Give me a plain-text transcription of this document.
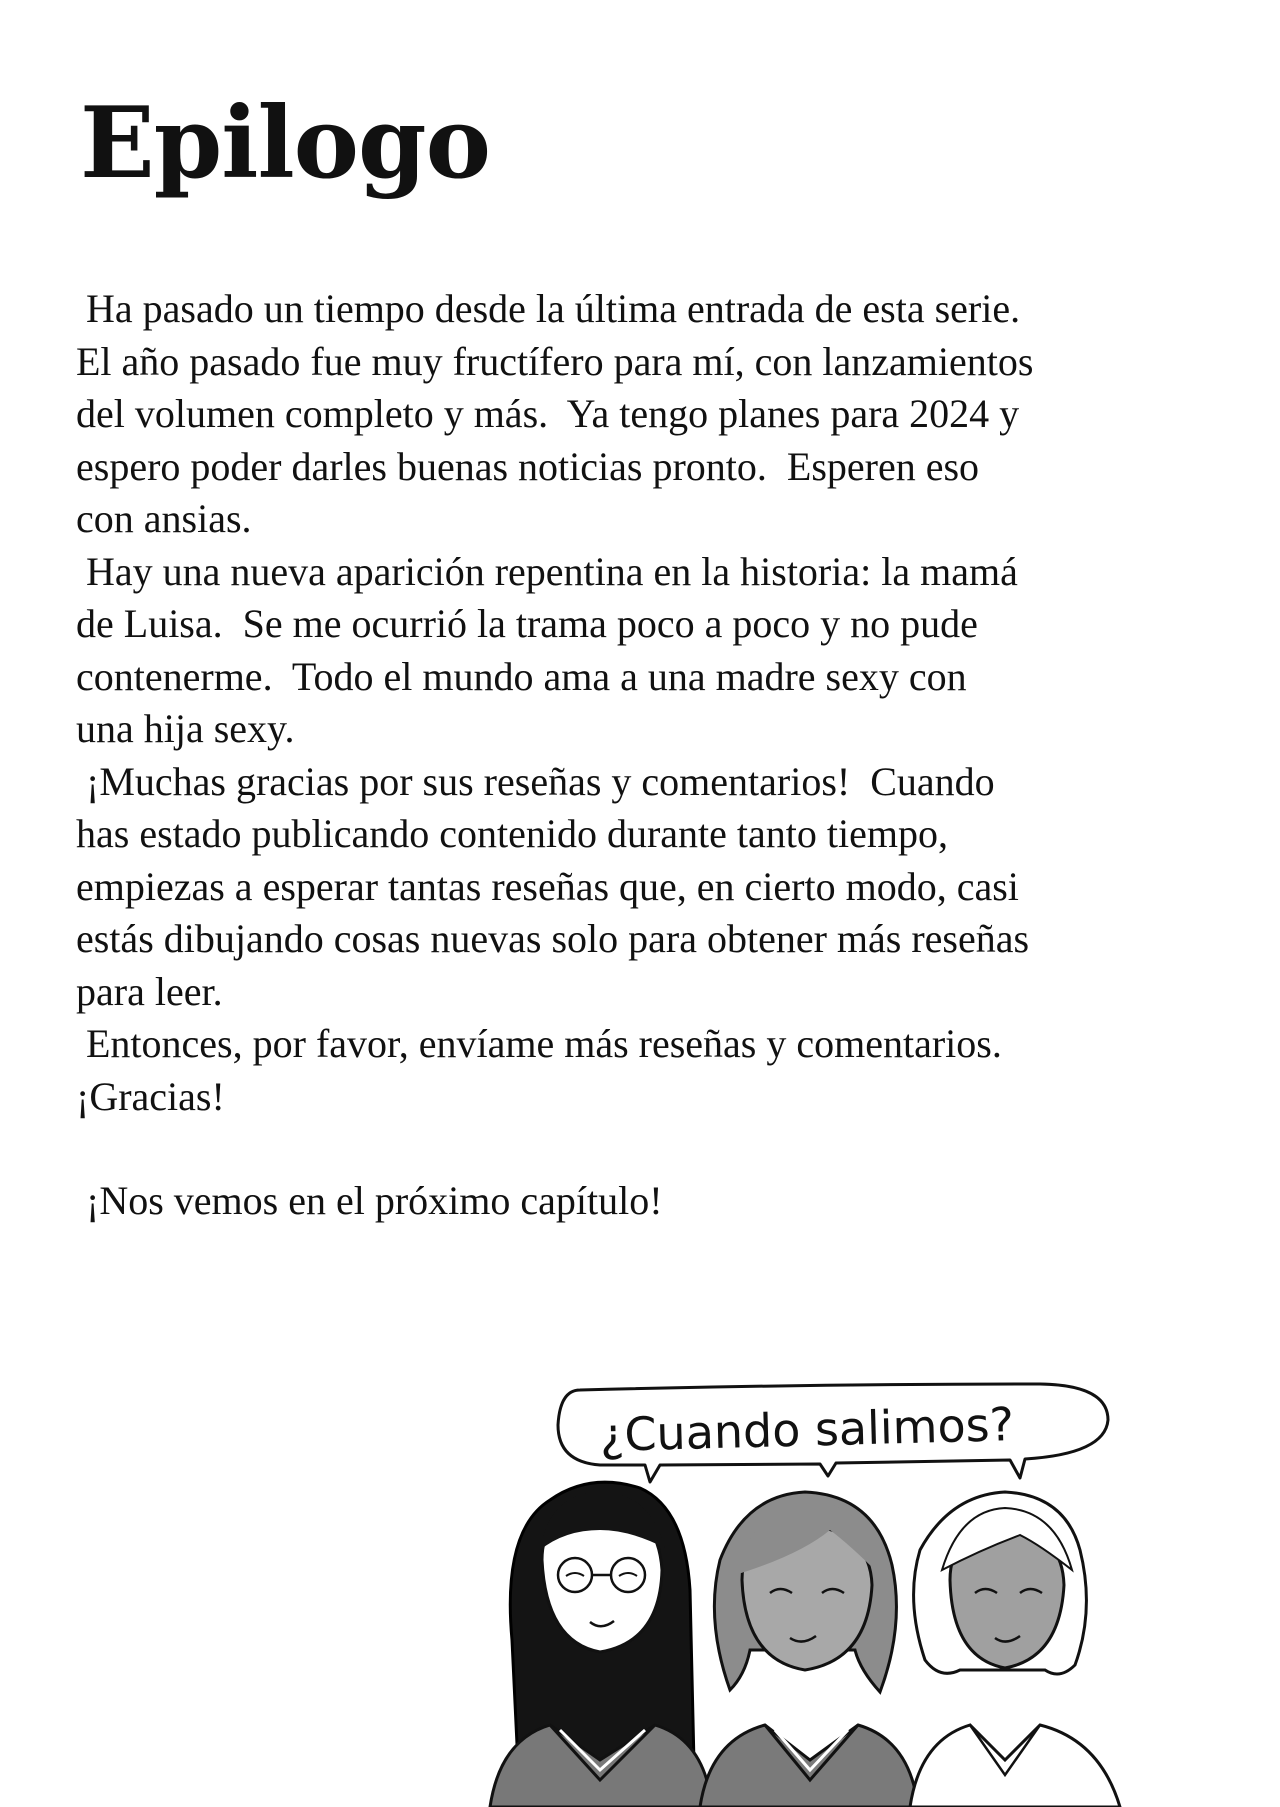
Epilogo
Ha pasado un tiempo desde la última entrada de esta serie.
El año pasado fue muy fructífero para mí, con lanzamientos
del volumen completo y más.  Ya tengo planes para 2024 y
espero poder darles buenas noticias pronto.  Esperen eso
con ansias.
Hay una nueva aparición repentina en la historia: la mamá
de Luisa.  Se me ocurrió la trama poco a poco y no pude
contenerme.  Todo el mundo ama a una madre sexy con
una hija sexy.
¡Muchas gracias por sus reseñas y comentarios!  Cuando
has estado publicando contenido durante tanto tiempo,
empiezas a esperar tantas reseñas que, en cierto modo, casi
estás dibujando cosas nuevas solo para obtener más reseñas
para leer.
Entonces, por favor, envíame más reseñas y comentarios.
¡Gracias!
¡Nos vemos en el próximo capítulo!
¿Cuando salimos?
